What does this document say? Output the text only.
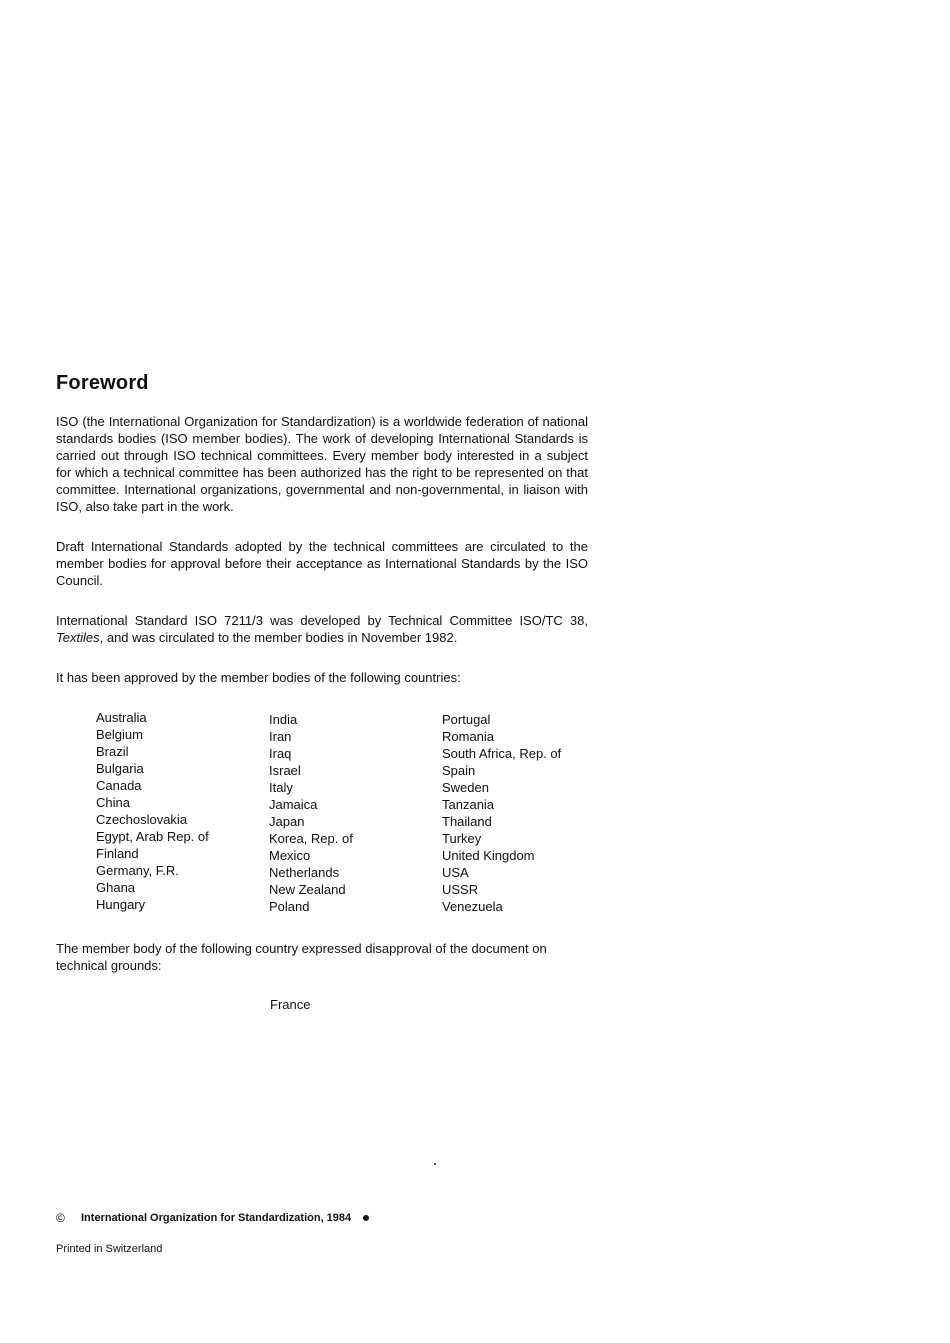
Foreword

ISO (the International Organization for Standardization) is a worldwide federation of national standards bodies (ISO member bodies). The work of developing International Standards is carried out through ISO technical committees. Every member body interested in a subject for which a technical committee has been authorized has the right to be represented on that committee. International organizations, governmental and non-governmental, in liaison with ISO, also take part in the work.

Draft International Standards adopted by the technical committees are circulated to the member bodies for approval before their acceptance as International Standards by the ISO Council.

International Standard ISO 7211/3 was developed by Technical Committee ISO/TC 38, Textiles, and was circulated to the member bodies in November 1982.

It has been approved by the member bodies of the following countries:

Australia
Belgium
Brazil
Bulgaria
Canada
China
Czechoslovakia
Egypt, Arab Rep. of
Finland
Germany, F.R.
Ghana
Hungary
India
Iran
Iraq
Israel
Italy
Jamaica
Japan
Korea, Rep. of
Mexico
Netherlands
New Zealand
Poland
Portugal
Romania
South Africa, Rep. of
Spain
Sweden
Tanzania
Thailand
Turkey
United Kingdom
USA
USSR
Venezuela

The member body of the following country expressed disapproval of the document on technical grounds:

France

©	International Organization for Standardization, 1984
Printed in Switzerland
